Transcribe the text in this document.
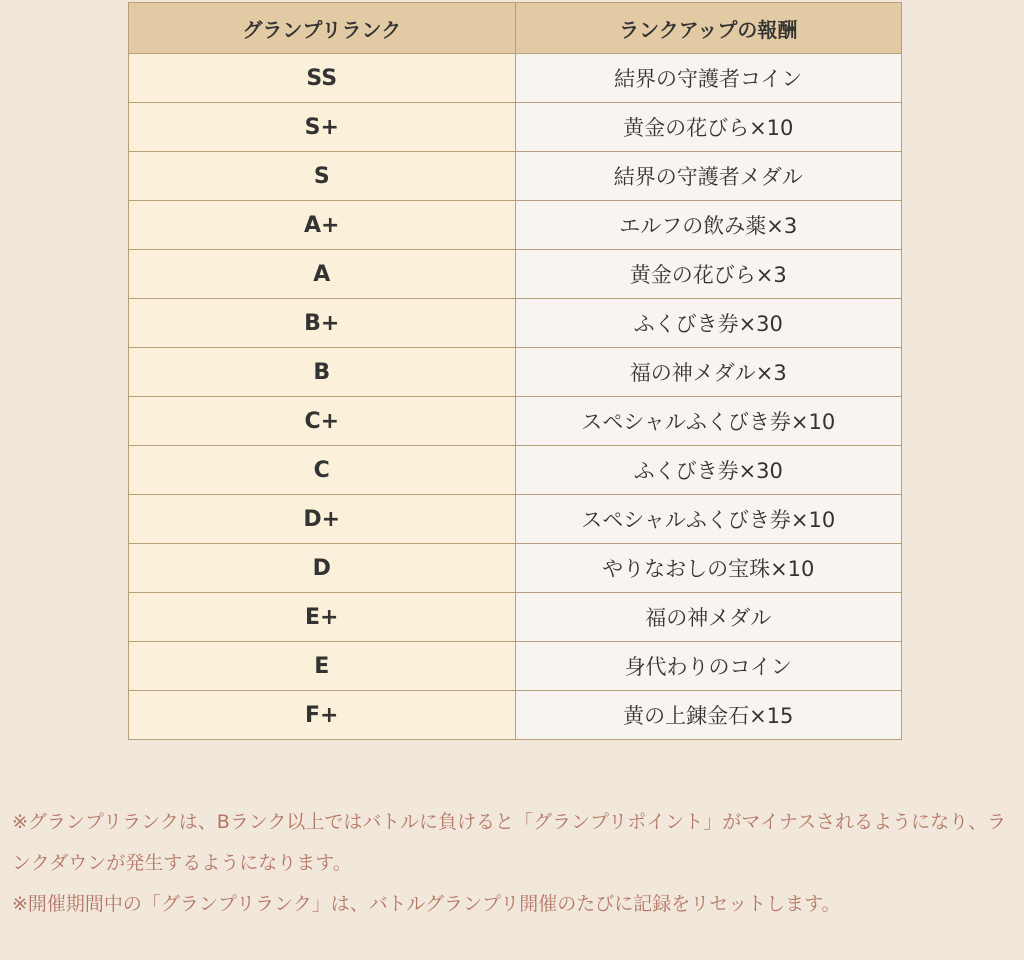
グランプリランク	ランクアップの報酬
SS	結界の守護者コイン
S+	黄金の花びら×10
S	結界の守護者メダル
A+	エルフの飲み薬×3
A	黄金の花びら×3
B+	ふくびき券×30
B	福の神メダル×3
C+	スペシャルふくびき券×10
C	ふくびき券×30
D+	スペシャルふくびき券×10
D	やりなおしの宝珠×10
E+	福の神メダル
E	身代わりのコイン
F+	黄の上錬金石×15

※グランプリランクは、Bランク以上ではバトルに負けると「グランプリポイント」がマイナスされるようになり、ランクダウンが発生するようになります。

※開催期間中の「グランプリランク」は、バトルグランプリ開催のたびに記録をリセットします。
